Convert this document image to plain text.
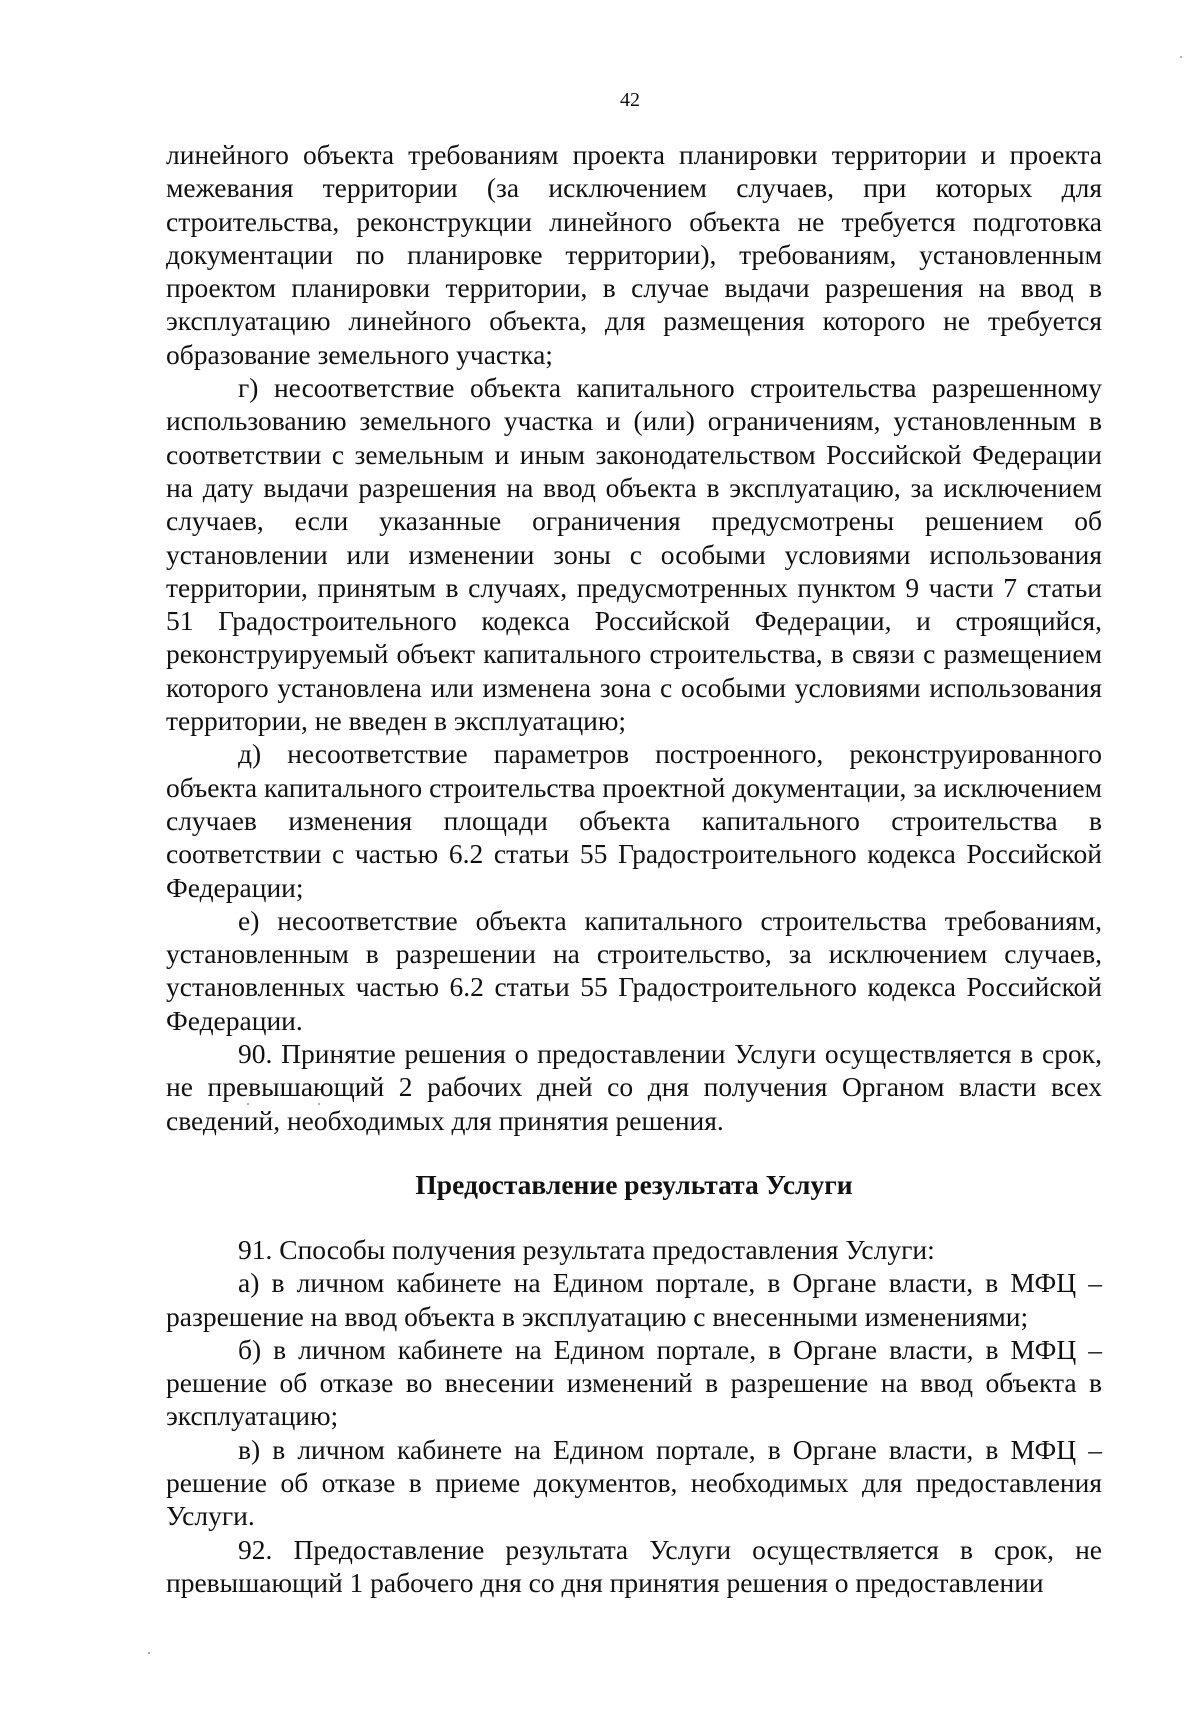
42

линейного объекта требованиям проекта планировки территории и проекта межевания территории (за исключением случаев, при которых для строительства, реконструкции линейного объекта не требуется подготовка документации по планировке территории), требованиям, установленным проектом планировки территории, в случае выдачи разрешения на ввод в эксплуатацию линейного объекта, для размещения которого не требуется образование земельного участка;

г) несоответствие объекта капитального строительства разрешенному использованию земельного участка и (или) ограничениям, установленным в соответствии с земельным и иным законодательством Российской Федерации на дату выдачи разрешения на ввод объекта в эксплуатацию, за исключением случаев, если указанные ограничения предусмотрены решением об установлении или изменении зоны с особыми условиями использования территории, принятым в случаях, предусмотренных пунктом 9 части 7 статьи 51 Градостроительного кодекса Российской Федерации, и строящийся, реконструируемый объект капитального строительства, в связи с размещением которого установлена или изменена зона с особыми условиями использования территории, не введен в эксплуатацию;

д) несоответствие параметров построенного, реконструированного объекта капитального строительства проектной документации, за исключением случаев изменения площади объекта капитального строительства в соответствии с частью 6.2 статьи 55 Градостроительного кодекса Российской Федерации;

е) несоответствие объекта капитального строительства требованиям, установленным в разрешении на строительство, за исключением случаев, установленных частью 6.2 статьи 55 Градостроительного кодекса Российской Федерации.

90. Принятие решения о предоставлении Услуги осуществляется в срок, не превышающий 2 рабочих дней со дня получения Органом власти всех сведений, необходимых для принятия решения.

Предоставление результата Услуги

91. Способы получения результата предоставления Услуги:

а) в личном кабинете на Едином портале, в Органе власти, в МФЦ – разрешение на ввод объекта в эксплуатацию с внесенными изменениями;

б) в личном кабинете на Едином портале, в Органе власти, в МФЦ – решение об отказе во внесении изменений в разрешение на ввод объекта в эксплуатацию;

в) в личном кабинете на Едином портале, в Органе власти, в МФЦ – решение об отказе в приеме документов, необходимых для предоставления Услуги.

92. Предоставление результата Услуги осуществляется в срок, не превышающий 1 рабочего дня со дня принятия решения о предоставлении
